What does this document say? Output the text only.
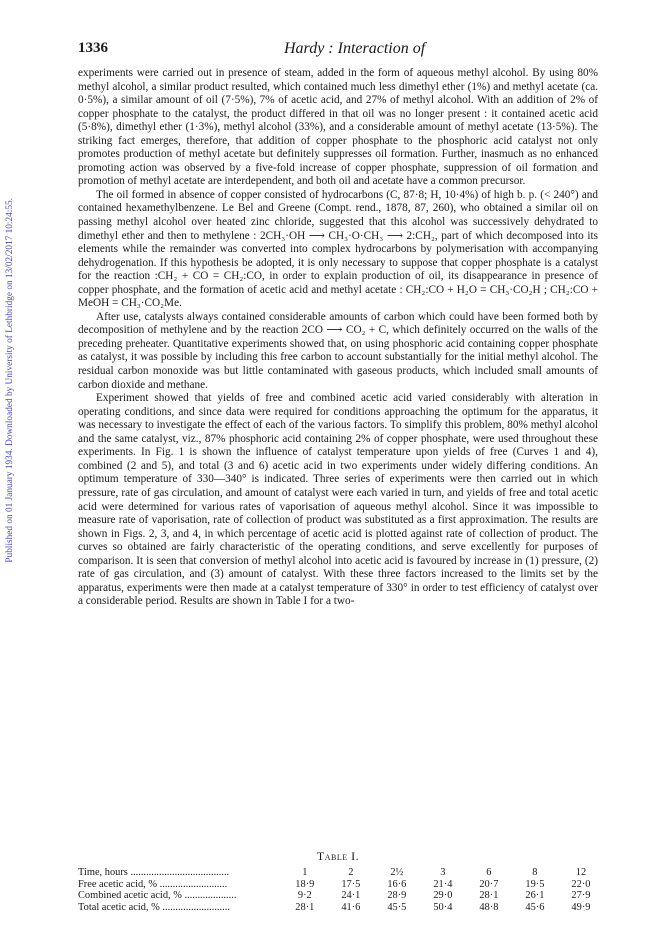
Published on 01 January 1934. Downloaded by University of Lethbridge on 13/02/2017 10:24:55.
1336	Hardy : Interaction of

experiments were carried out in presence of steam, added in the form of aqueous methyl alcohol. By using 80% methyl alcohol, a similar product resulted, which contained much less dimethyl ether (1%) and methyl acetate (ca. 0·5%), a similar amount of oil (7·5%), 7% of acetic acid, and 27% of methyl alcohol. With an addition of 2% of copper phosphate to the catalyst, the product differed in that oil was no longer present : it contained acetic acid (5·8%), dimethyl ether (1·3%), methyl alcohol (33%), and a considerable amount of methyl acetate (13·5%). The striking fact emerges, therefore, that addition of copper phosphate to the phosphoric acid catalyst not only promotes production of methyl acetate but definitely suppresses oil formation. Further, inasmuch as no enhanced promoting action was observed by a five-fold increase of copper phosphate, suppression of oil formation and promotion of methyl acetate are interdependent, and both oil and acetate have a common precursor.

The oil formed in absence of copper consisted of hydrocarbons (C, 87·8; H, 10·4%) of high b. p. (< 240°) and contained hexamethylbenzene. Le Bel and Greene (Compt. rend., 1878, 87, 260), who obtained a similar oil on passing methyl alcohol over heated zinc chloride, suggested that this alcohol was successively dehydrated to dimethyl ether and then to methylene : 2CH₃·OH ⟶ CH₃·O·CH₃ ⟶ 2:CH₂, part of which decomposed into its elements while the remainder was converted into complex hydrocarbons by polymerisation with accompanying dehydrogenation. If this hypothesis be adopted, it is only necessary to suppose that copper phosphate is a catalyst for the reaction :CH₂ + CO = CH₂:CO, in order to explain production of oil, its disappearance in presence of copper phosphate, and the formation of acetic acid and methyl acetate : CH₂:CO + H₂O = CH₃·CO₂H ; CH₂:CO + MeOH = CH₃·CO₂Me.

After use, catalysts always contained considerable amounts of carbon which could have been formed both by decomposition of methylene and by the reaction 2CO ⟶ CO₂ + C, which definitely occurred on the walls of the preceding preheater. Quantitative experiments showed that, on using phosphoric acid containing copper phosphate as catalyst, it was possible by including this free carbon to account substantially for the initial methyl alcohol. The residual carbon monoxide was but little contaminated with gaseous products, which included small amounts of carbon dioxide and methane.

Experiment showed that yields of free and combined acetic acid varied considerably with alteration in operating conditions, and since data were required for conditions approaching the optimum for the apparatus, it was necessary to investigate the effect of each of the various factors. To simplify this problem, 80% methyl alcohol and the same catalyst, viz., 87% phosphoric acid containing 2% of copper phosphate, were used throughout these experiments. In Fig. 1 is shown the influence of catalyst temperature upon yields of free (Curves 1 and 4), combined (2 and 5), and total (3 and 6) acetic acid in two experiments under widely differing conditions. An optimum temperature of 330—340° is indicated. Three series of experiments were then carried out in which pressure, rate of gas circulation, and amount of catalyst were each varied in turn, and yields of free and total acetic acid were determined for various rates of vaporisation of aqueous methyl alcohol. Since it was impossible to measure rate of vaporisation, rate of collection of product was substituted as a first approximation. The results are shown in Figs. 2, 3, and 4, in which percentage of acetic acid is plotted against rate of collection of product. The curves so obtained are fairly characteristic of the operating conditions, and serve excellently for purposes of comparison. It is seen that conversion of methyl alcohol into acetic acid is favoured by increase in (1) pressure, (2) rate of gas circulation, and (3) amount of catalyst. With these three factors increased to the limits set by the apparatus, experiments were then made at a catalyst temperature of 330° in order to test efficiency of catalyst over a considerable period. Results are shown in Table I for a two-

Table I.
Time, hours ......................................	1	2	2½	3	6	8	12
Free acetic acid, % ..........................	18·9	17·5	16·6	21·4	20·7	19·5	22·0
Combined acetic acid, % ....................	9·2	24·1	28·9	29·0	28·1	26·1	27·9
Total acetic acid, % ..........................	28·1	41·6	45·5	50·4	48·8	45·6	49·9
